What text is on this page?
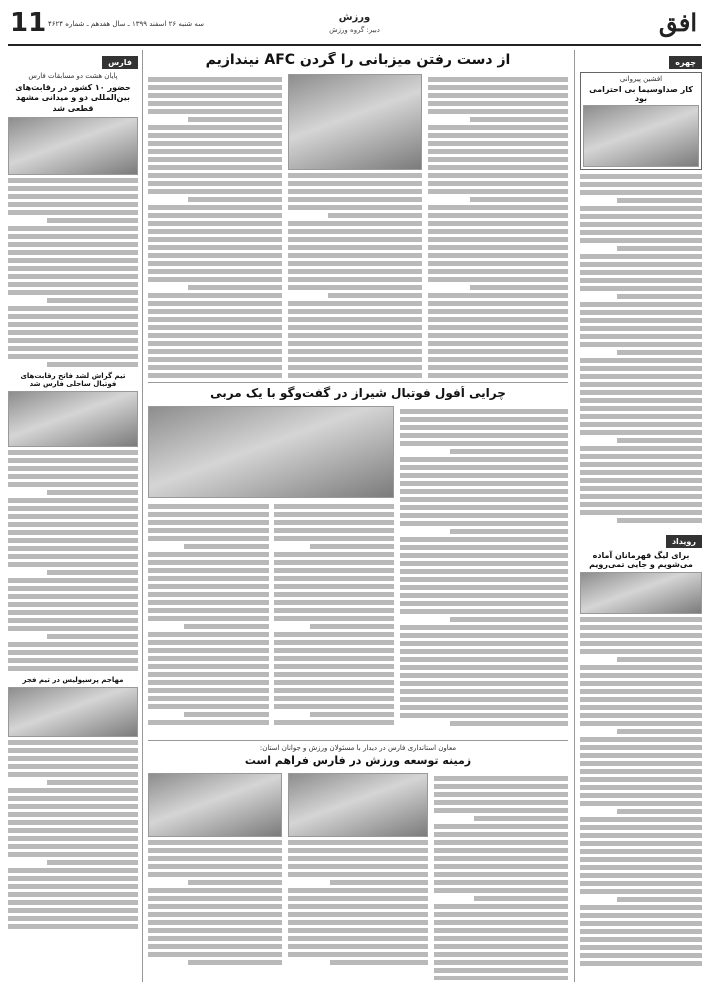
11 سه شنبه ۲۶ اسفند ۱۳۹۹ ـ سال هفدهم ـ شماره ۴۶۲۴
ورزش
دبیر: گروه ورزش	افق
چهره
افشین پیروانی
کار صداوسیما بی احترامی بود
رویداد
برای لیگ قهرمانان آماده می‌شویم و جایی تمی‌رویم
فارس
پایان هشت دو مسابقات فارس
حضور ۱۰ کشور در رقابت‌های بین‌المللی دو و میدانی مشهد قطعی شد
تیم گراش لشد فاتح رقابت‌های فوتبال ساحلی فارس شد
مهاجم پرسپولیس در تیم فجر
از دست رفتن میزبانی را گردن AFC نیندازیم
چرایی اُفول فوتبال شیراز در گفت‌وگو با یک مربی
معاون استانداری فارس در دیدار با مسئولان ورزش و جوانان استان:
زمینه توسعه ورزش در فارس فراهم است
